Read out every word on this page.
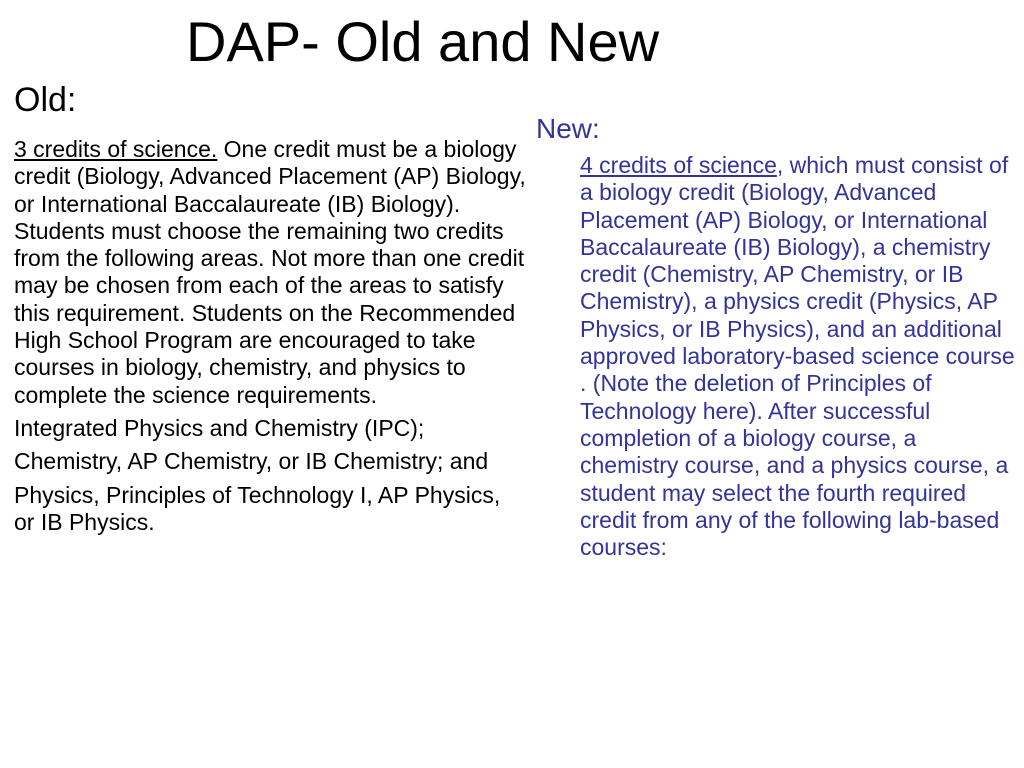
DAP- Old and New
Old:

3 credits of science. One credit must be a biology credit (Biology, Advanced Placement (AP) Biology, or International Baccalaureate (IB) Biology). Students must choose the remaining two credits from the following areas. Not more than one credit may be chosen from each of the areas to satisfy this requirement. Students on the Recommended High School Program are encouraged to take courses in biology, chemistry, and physics to complete the science requirements.

Integrated Physics and Chemistry (IPC);

Chemistry, AP Chemistry, or IB Chemistry; and

Physics, Principles of Technology I, AP Physics, or IB Physics.

New:

4 credits of science, which must consist of a biology credit (Biology, Advanced Placement (AP) Biology, or International Baccalaureate (IB) Biology), a chemistry credit (Chemistry, AP Chemistry, or IB Chemistry), a physics credit (Physics, AP Physics, or IB Physics), and an additional approved laboratory-based science course . (Note the deletion of Principles of Technology here). After successful completion of a biology course, a chemistry course, and a physics course, a student may select the fourth required credit from any of the following lab-based courses:
